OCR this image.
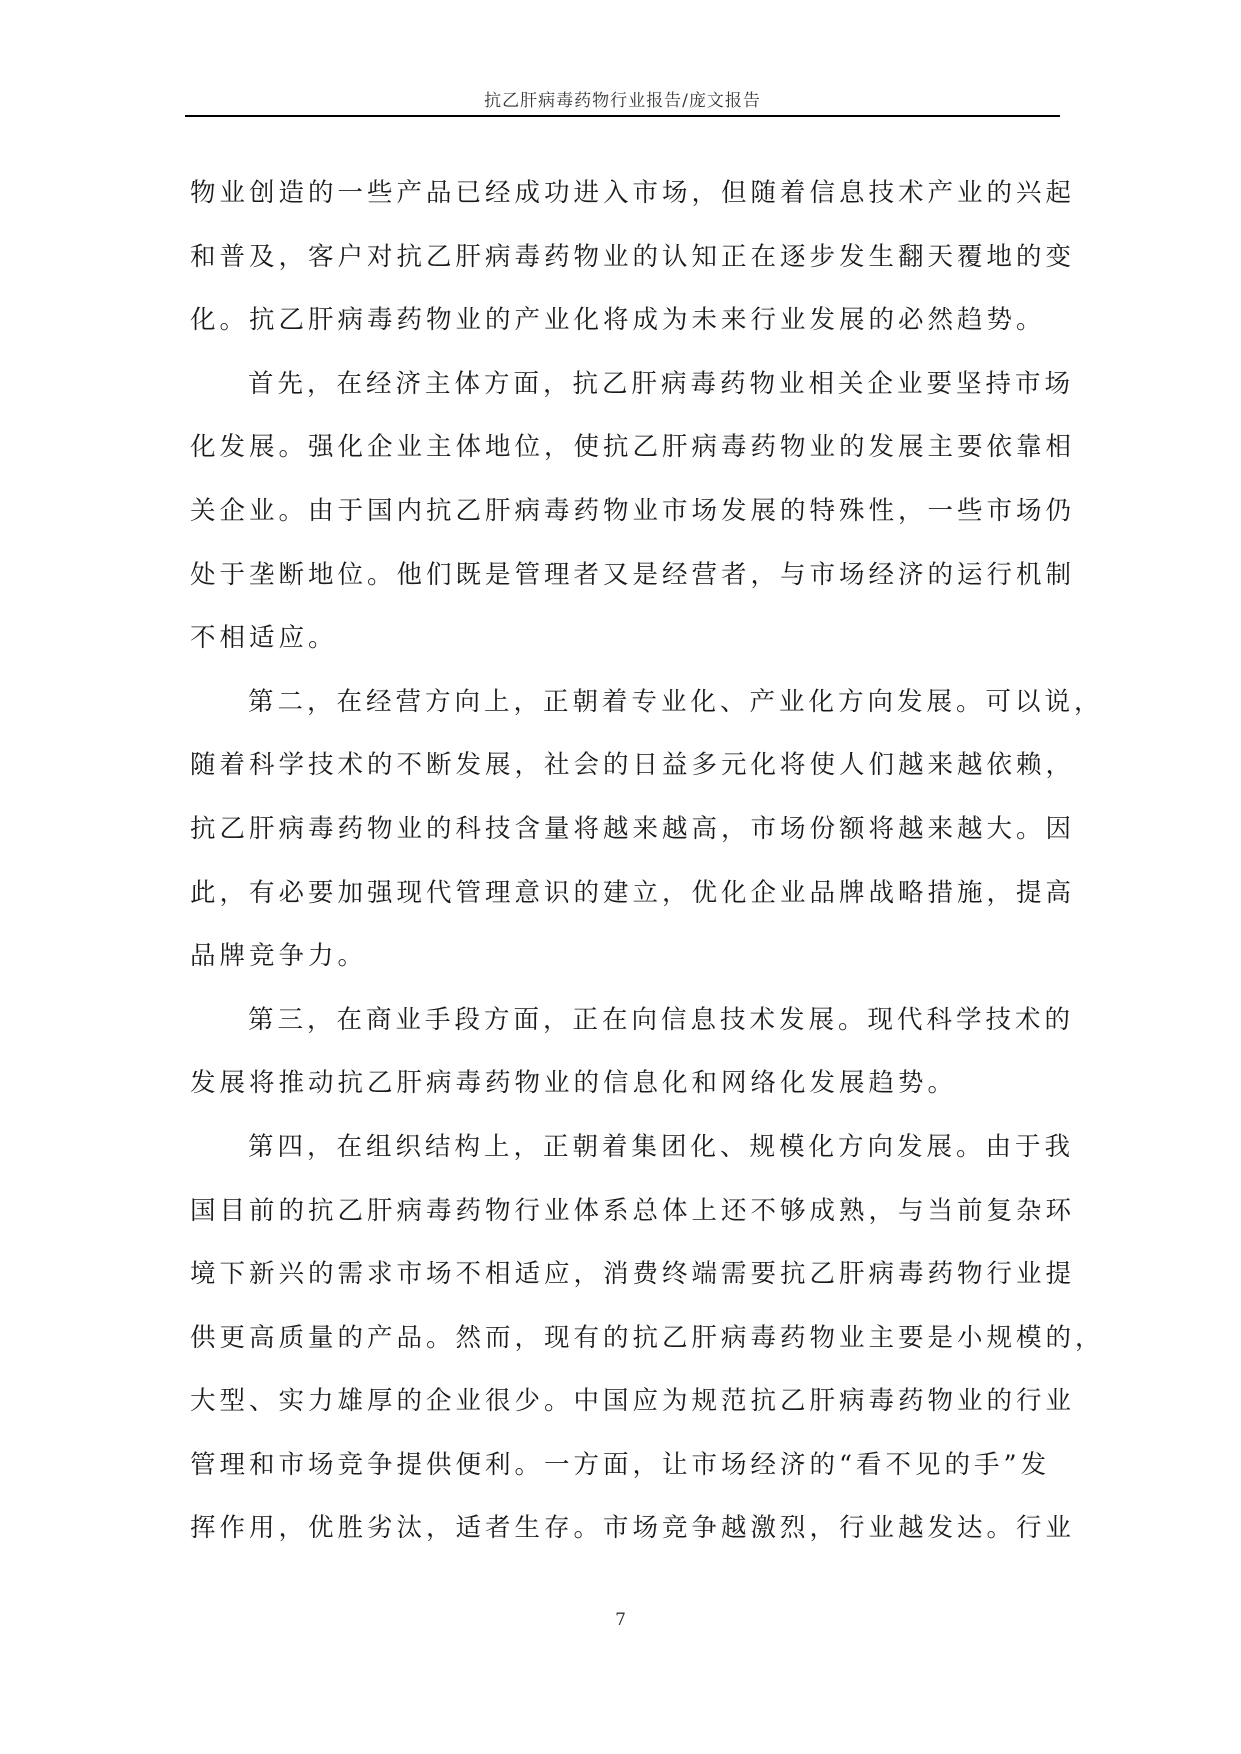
抗乙肝病毒药物行业报告/庞文报告
物业创造的一些产品已经成功进入市场，但随着信息技术产业的兴起
和普及，客户对抗乙肝病毒药物业的认知正在逐步发生翻天覆地的变
化。抗乙肝病毒药物业的产业化将成为未来行业发展的必然趋势。
首先，在经济主体方面，抗乙肝病毒药物业相关企业要坚持市场
化发展。强化企业主体地位，使抗乙肝病毒药物业的发展主要依靠相
关企业。由于国内抗乙肝病毒药物业市场发展的特殊性，一些市场仍
处于垄断地位。他们既是管理者又是经营者，与市场经济的运行机制
不相适应。
第二，在经营方向上，正朝着专业化、产业化方向发展。可以说，
随着科学技术的不断发展，社会的日益多元化将使人们越来越依赖，
抗乙肝病毒药物业的科技含量将越来越高，市场份额将越来越大。因
此，有必要加强现代管理意识的建立，优化企业品牌战略措施，提高
品牌竞争力。
第三，在商业手段方面，正在向信息技术发展。现代科学技术的
发展将推动抗乙肝病毒药物业的信息化和网络化发展趋势。
第四，在组织结构上，正朝着集团化、规模化方向发展。由于我
国目前的抗乙肝病毒药物行业体系总体上还不够成熟，与当前复杂环
境下新兴的需求市场不相适应，消费终端需要抗乙肝病毒药物行业提
供更高质量的产品。然而，现有的抗乙肝病毒药物业主要是小规模的，
大型、实力雄厚的企业很少。中国应为规范抗乙肝病毒药物业的行业
管理和市场竞争提供便利。一方面，让市场经济的“看不见的手”发
挥作用，优胜劣汰，适者生存。市场竞争越激烈，行业越发达。行业
7
